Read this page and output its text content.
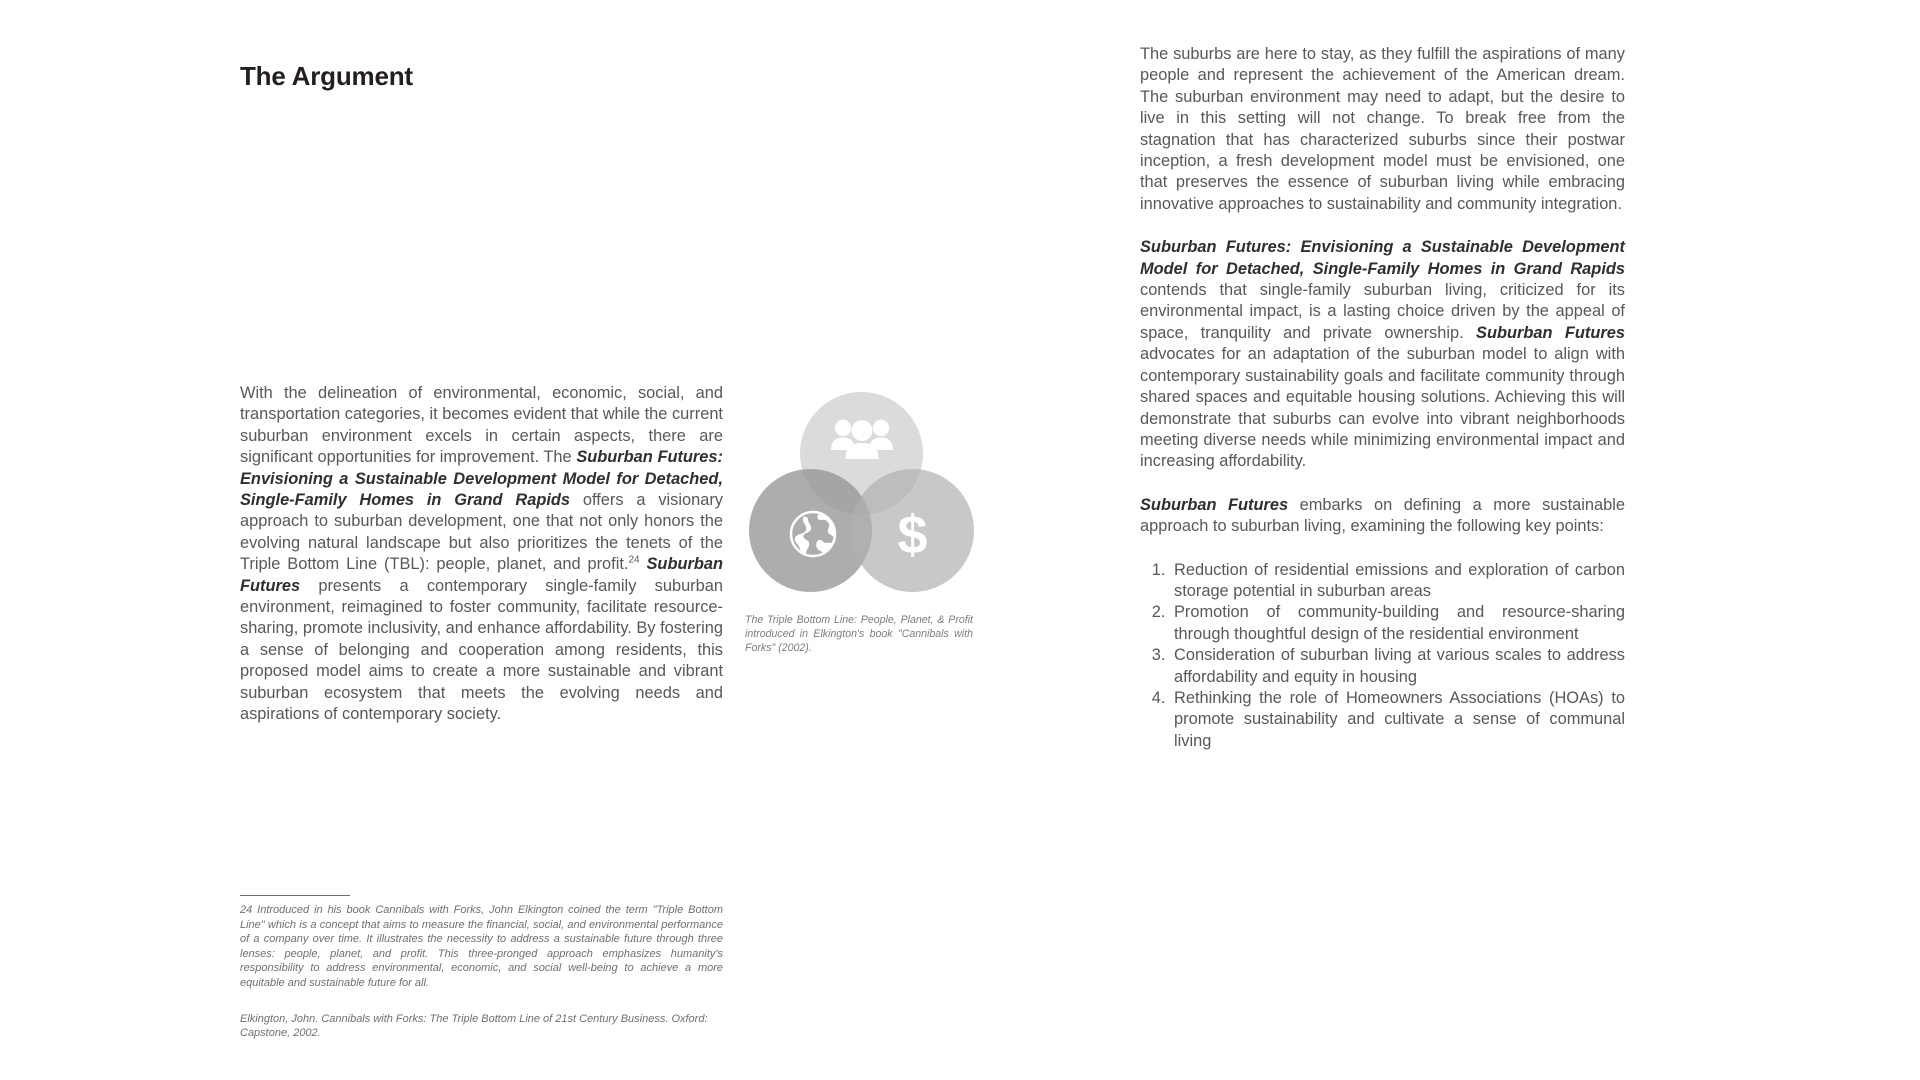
The Argument

With the delineation of environmental, economic, social, and transportation categories, it becomes evident that while the current suburban environment excels in certain aspects, there are significant opportunities for improvement. The Suburban Futures: Envisioning a Sustainable Development Model for Detached, Single-Family Homes in Grand Rapids offers a visionary approach to suburban development, one that not only honors the evolving natural landscape but also prioritizes the tenets of the Triple Bottom Line (TBL): people, planet, and profit.$^{24}$ Suburban Futures presents a contemporary single-family suburban environment, reimagined to foster community, facilitate resource-sharing, promote inclusivity, and enhance affordability. By fostering a sense of belonging and cooperation among residents, this proposed model aims to create a more sustainable and vibrant suburban ecosystem that meets the evolving needs and aspirations of contemporary society.

$
The Triple Bottom Line: People, Planet, & Profit introduced in Elkington's book "Cannibals with Forks" (2002).

The suburbs are here to stay, as they fulfill the aspirations of many people and represent the achievement of the American dream. The suburban environment may need to adapt, but the desire to live in this setting will not change. To break free from the stagnation that has characterized suburbs since their postwar inception, a fresh development model must be envisioned, one that preserves the essence of suburban living while embracing innovative approaches to sustainability and community integration.

Suburban Futures: Envisioning a Sustainable Development Model for Detached, Single-Family Homes in Grand Rapids contends that single-family suburban living, criticized for its environmental impact, is a lasting choice driven by the appeal of space, tranquility and private ownership. Suburban Futures advocates for an adaptation of the suburban model to align with contemporary sustainability goals and facilitate community through shared spaces and equitable housing solutions. Achieving this will demonstrate that suburbs can evolve into vibrant neighborhoods meeting diverse needs while minimizing environmental impact and increasing affordability.

Suburban Futures embarks on defining a more sustainable approach to suburban living, examining the following key points:

1. Reduction of residential emissions and exploration of carbon storage potential in suburban areas
2. Promotion of community-building and resource-sharing through thoughtful design of the residential environment
3. Consideration of suburban living at various scales to address affordability and equity in housing
4. Rethinking the role of Homeowners Associations (HOAs) to promote sustainability and cultivate a sense of communal living

24 Introduced in his book Cannibals with Forks, John Elkington coined the term "Triple Bottom Line" which is a concept that aims to measure the financial, social, and environmental performance of a company over time. It illustrates the necessity to address a sustainable future through three lenses: people, planet, and profit. This three-pronged approach emphasizes humanity's responsibility to address environmental, economic, and social well-being to achieve a more equitable and sustainable future for all.

Elkington, John. Cannibals with Forks: The Triple Bottom Line of 21st Century Business. Oxford: Capstone, 2002.
